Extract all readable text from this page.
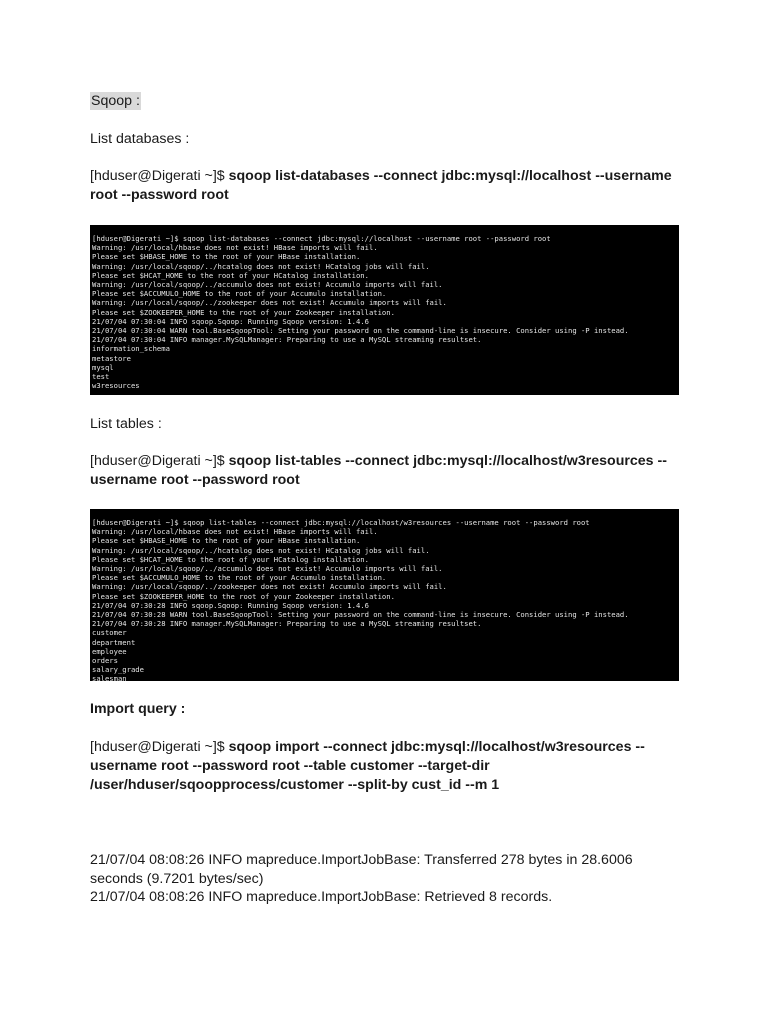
Sqoop :

List databases :

[hduser@Digerati ~]$ sqoop list-databases --connect jdbc:mysql://localhost --username root --password root

[hduser@Digerati ~]$ sqoop list-databases --connect jdbc:mysql://localhost --username root --password root
Warning: /usr/local/hbase does not exist! HBase imports will fail.
Please set $HBASE_HOME to the root of your HBase installation.
Warning: /usr/local/sqoop/../hcatalog does not exist! HCatalog jobs will fail.
Please set $HCAT_HOME to the root of your HCatalog installation.
Warning: /usr/local/sqoop/../accumulo does not exist! Accumulo imports will fail.
Please set $ACCUMULO_HOME to the root of your Accumulo installation.
Warning: /usr/local/sqoop/../zookeeper does not exist! Accumulo imports will fail.
Please set $ZOOKEEPER_HOME to the root of your Zookeeper installation.
21/07/04 07:30:04 INFO sqoop.Sqoop: Running Sqoop version: 1.4.6
21/07/04 07:30:04 WARN tool.BaseSqoopTool: Setting your password on the command-line is insecure. Consider using -P instead.
21/07/04 07:30:04 INFO manager.MySQLManager: Preparing to use a MySQL streaming resultset.
information_schema
metastore
mysql
test
w3resources

List tables :

[hduser@Digerati ~]$ sqoop list-tables --connect jdbc:mysql://localhost/w3resources --username root --password root

[hduser@Digerati ~]$ sqoop list-tables --connect jdbc:mysql://localhost/w3resources --username root --password root
Warning: /usr/local/hbase does not exist! HBase imports will fail.
Please set $HBASE_HOME to the root of your HBase installation.
Warning: /usr/local/sqoop/../hcatalog does not exist! HCatalog jobs will fail.
Please set $HCAT_HOME to the root of your HCatalog installation.
Warning: /usr/local/sqoop/../accumulo does not exist! Accumulo imports will fail.
Please set $ACCUMULO_HOME to the root of your Accumulo installation.
Warning: /usr/local/sqoop/../zookeeper does not exist! Accumulo imports will fail.
Please set $ZOOKEEPER_HOME to the root of your Zookeeper installation.
21/07/04 07:30:28 INFO sqoop.Sqoop: Running Sqoop version: 1.4.6
21/07/04 07:30:28 WARN tool.BaseSqoopTool: Setting your password on the command-line is insecure. Consider using -P instead.
21/07/04 07:30:28 INFO manager.MySQLManager: Preparing to use a MySQL streaming resultset.
customer
department
employee
orders
salary_grade
salesman

Import query :

[hduser@Digerati ~]$ sqoop import --connect jdbc:mysql://localhost/w3resources --username root --password root --table customer --target-dir /user/hduser/sqoopprocess/customer --split-by cust_id --m 1

21/07/04 08:08:26 INFO mapreduce.ImportJobBase: Transferred 278 bytes in 28.6006 seconds (9.7201 bytes/sec)

21/07/04 08:08:26 INFO mapreduce.ImportJobBase: Retrieved 8 records.
